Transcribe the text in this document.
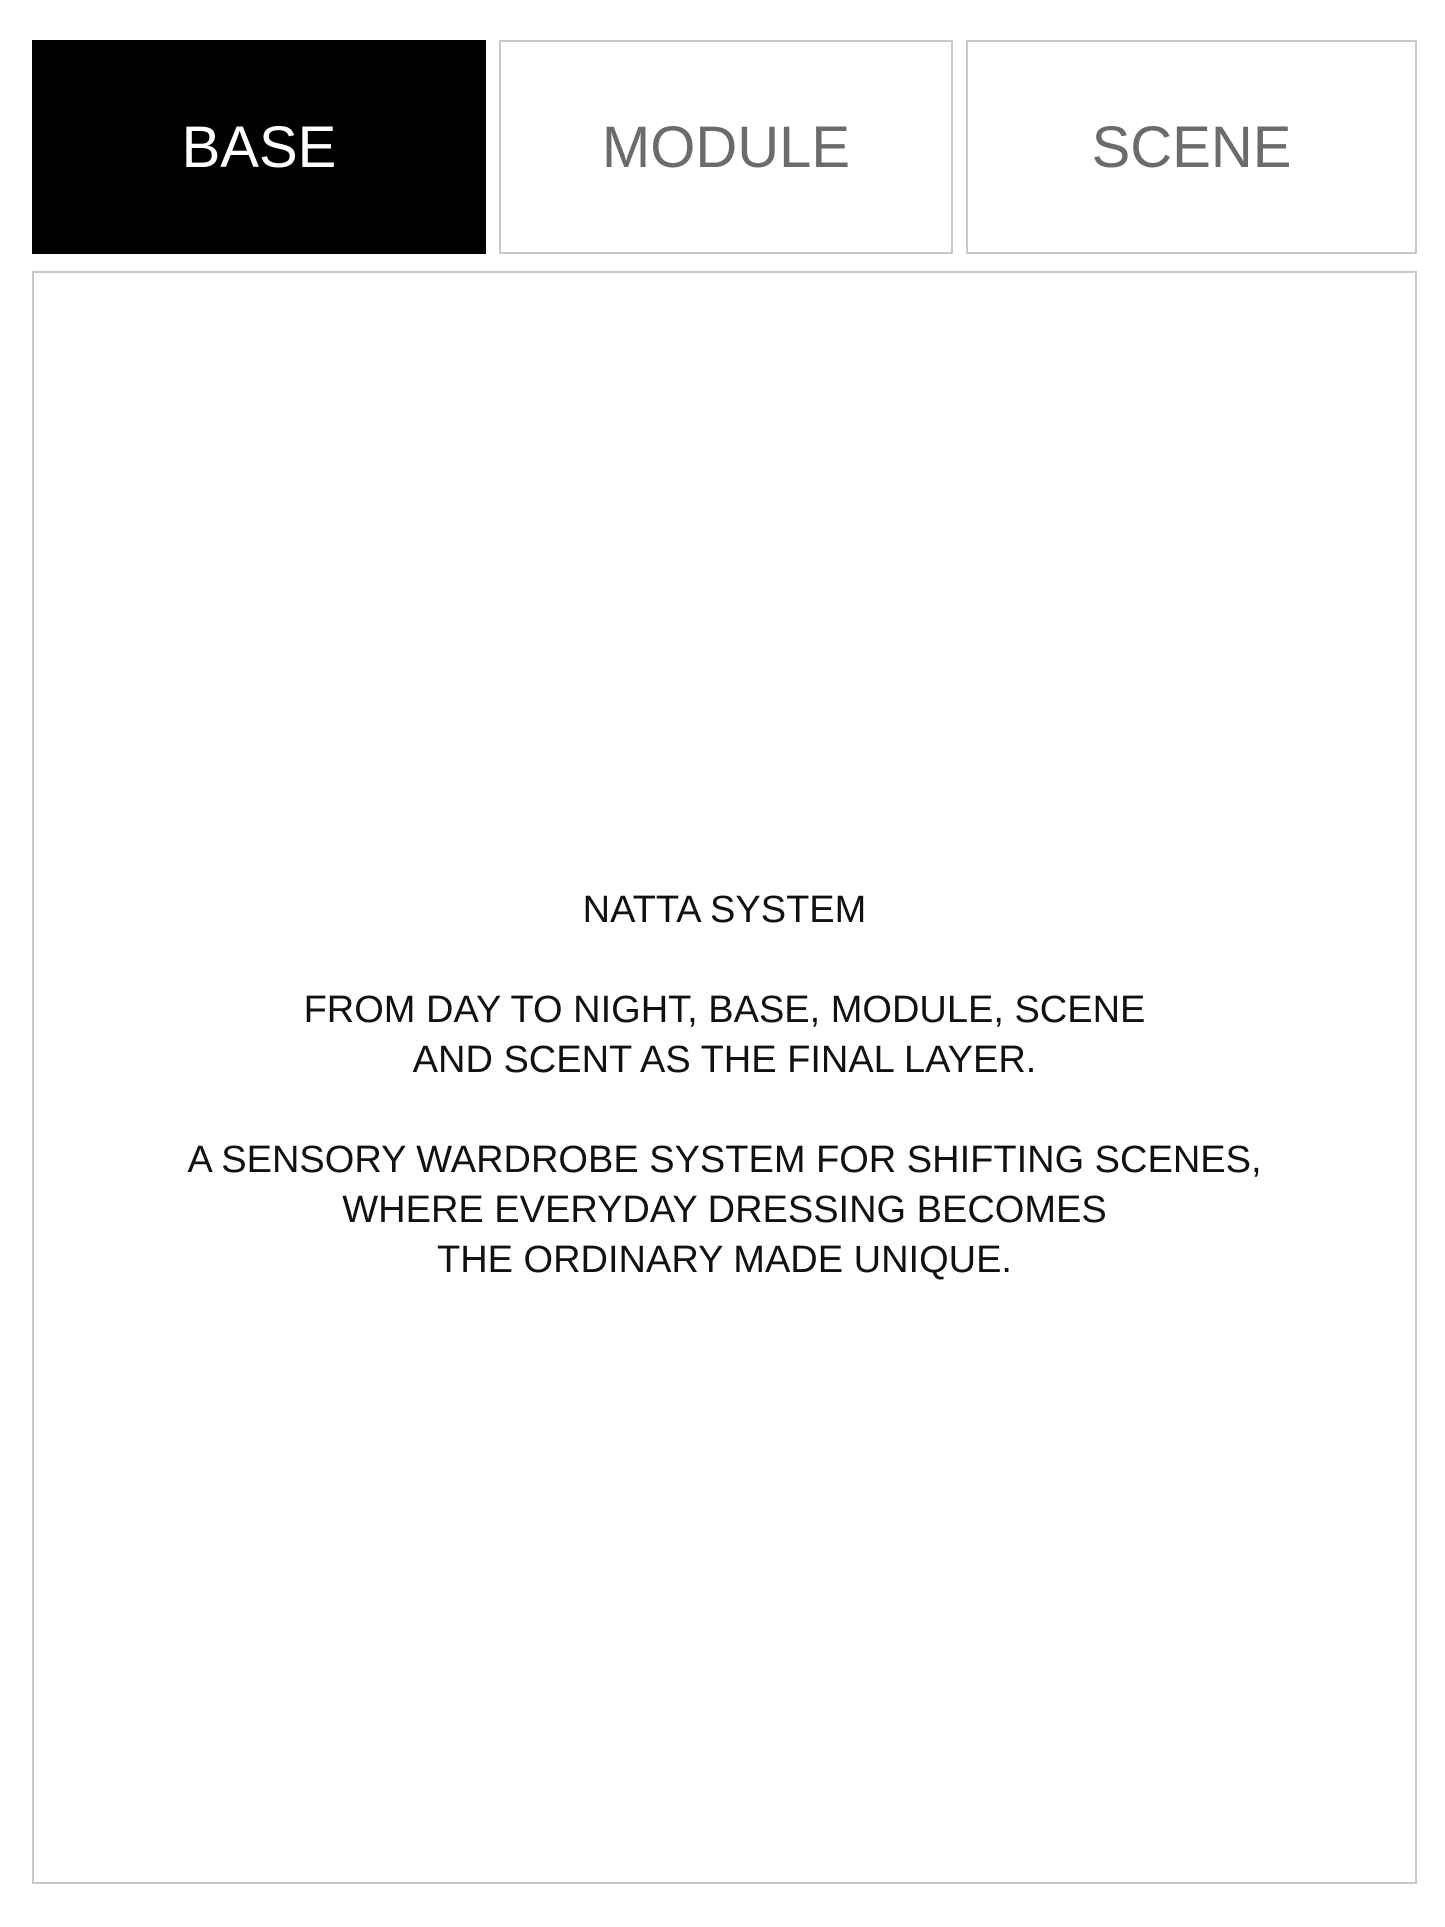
BASE	MODULE	SCENE

NATTA SYSTEM

FROM DAY TO NIGHT, BASE, MODULE, SCENE

AND SCENT AS THE FINAL LAYER.

A SENSORY WARDROBE SYSTEM FOR SHIFTING SCENES,

WHERE EVERYDAY DRESSING BECOMES

THE ORDINARY MADE UNIQUE.
